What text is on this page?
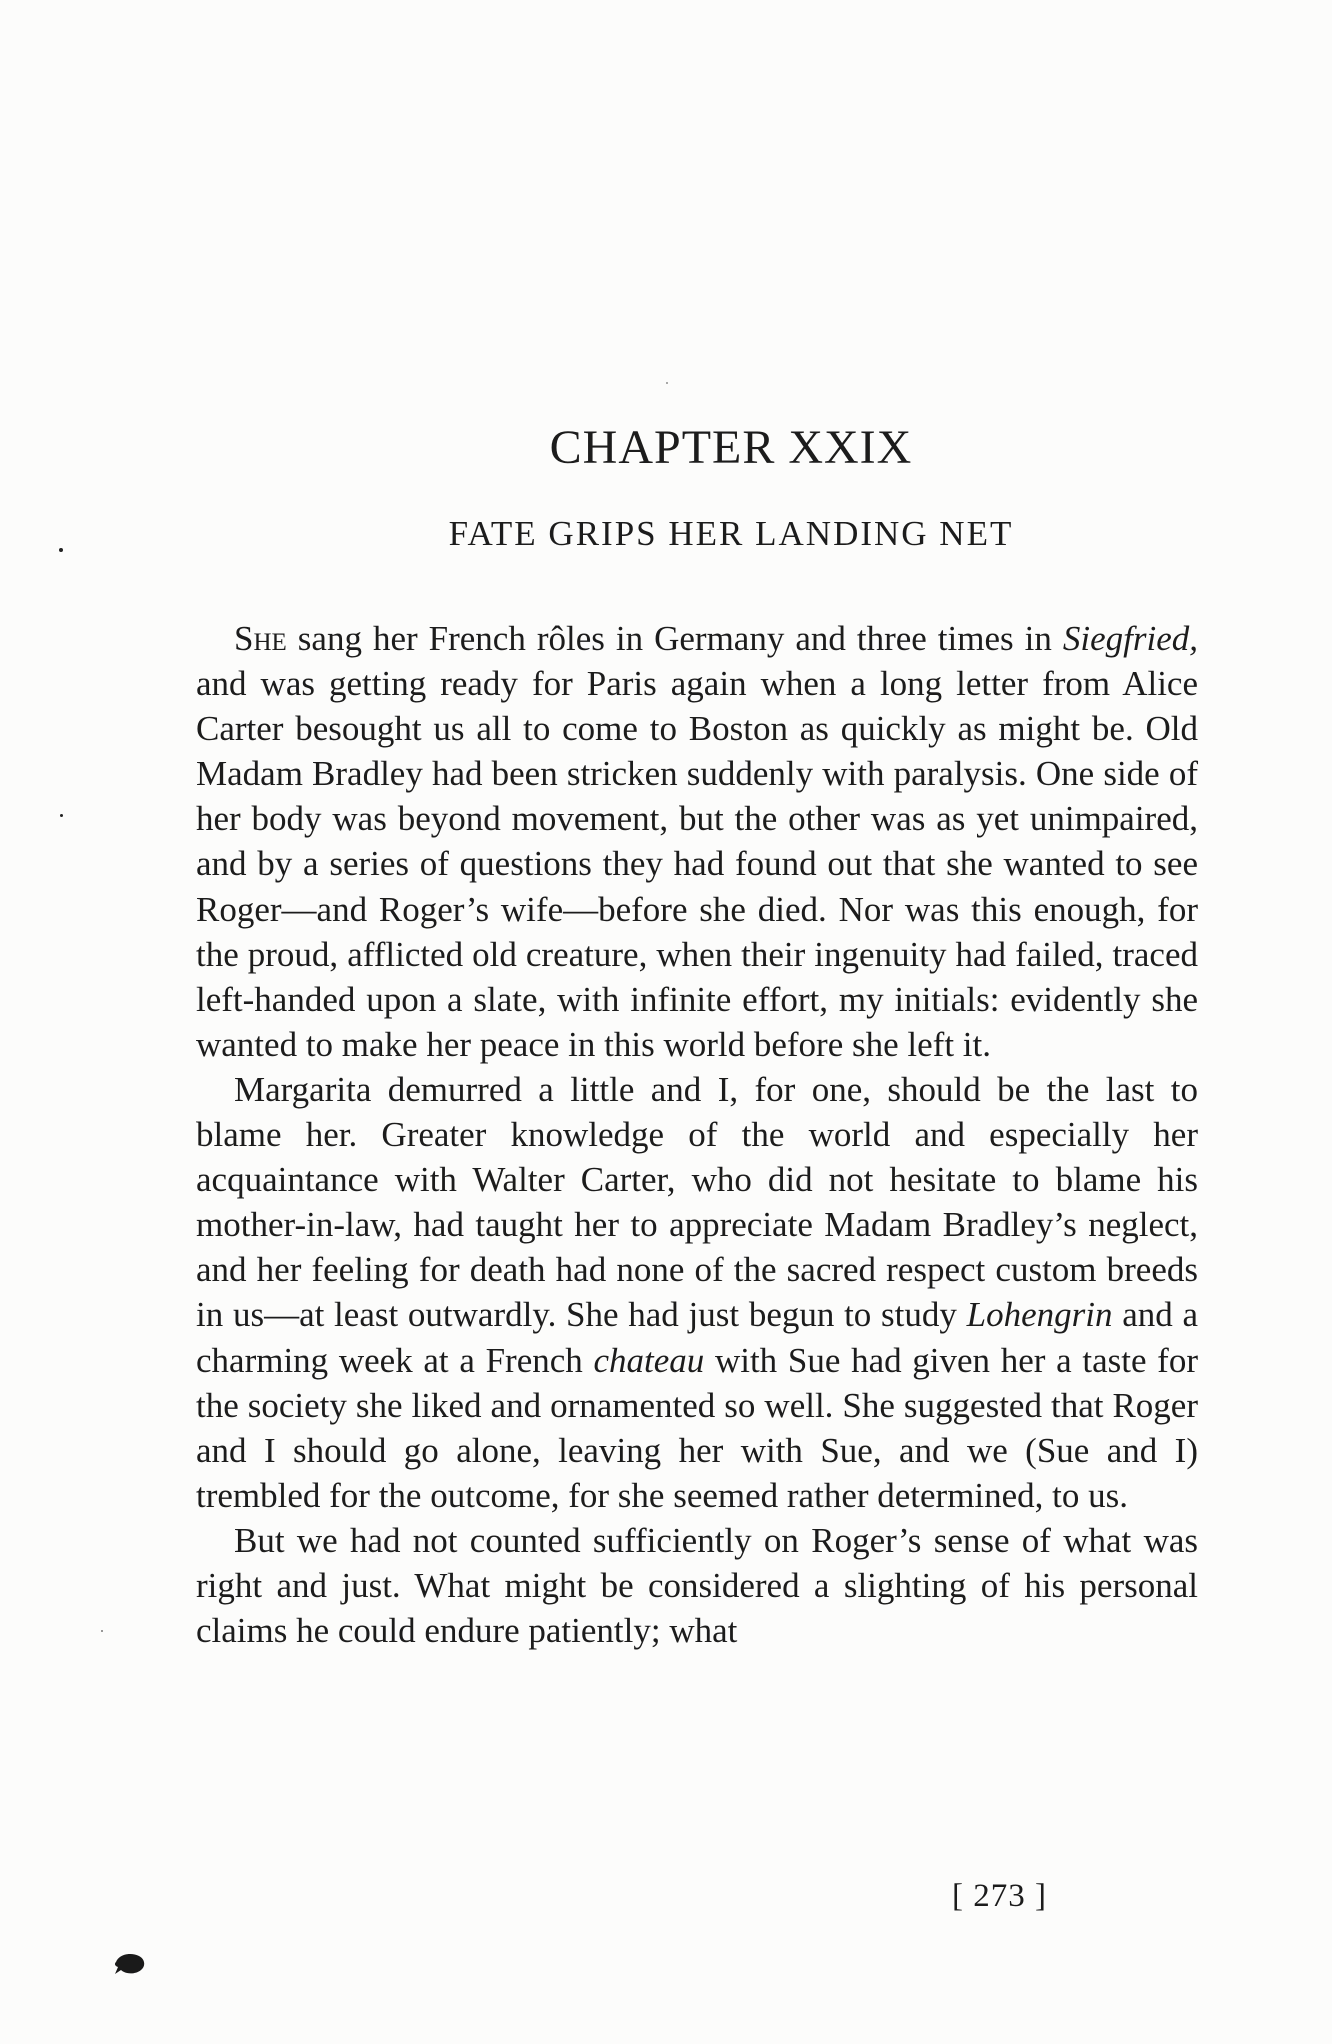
CHAPTER XXIX
FATE GRIPS HER LANDING NET

She sang her French rôles in Germany and three times in Siegfried, and was getting ready for Paris again when a long letter from Alice Carter besought us all to come to Boston as quickly as might be. Old Madam Bradley had been stricken suddenly with paralysis. One side of her body was beyond movement, but the other was as yet unimpaired, and by a series of questions they had found out that she wanted to see Roger—and Roger’s wife—before she died. Nor was this enough, for the proud, afflicted old creature, when their ingenuity had failed, traced left-handed upon a slate, with infinite effort, my initials: evidently she wanted to make her peace in this world before she left it.

Margarita demurred a little and I, for one, should be the last to blame her. Greater knowledge of the world and especially her acquaintance with Walter Carter, who did not hesitate to blame his mother-in-law, had taught her to appreciate Madam Bradley’s neglect, and her feeling for death had none of the sacred respect custom breeds in us—at least outwardly. She had just begun to study Lohengrin and a charming week at a French chateau with Sue had given her a taste for the society she liked and ornamented so well. She suggested that Roger and I should go alone, leaving her with Sue, and we (Sue and I) trembled for the outcome, for she seemed rather determined, to us.

But we had not counted sufficiently on Roger’s sense of what was right and just. What might be considered a slighting of his personal claims he could endure patiently; what

[ 273 ]
